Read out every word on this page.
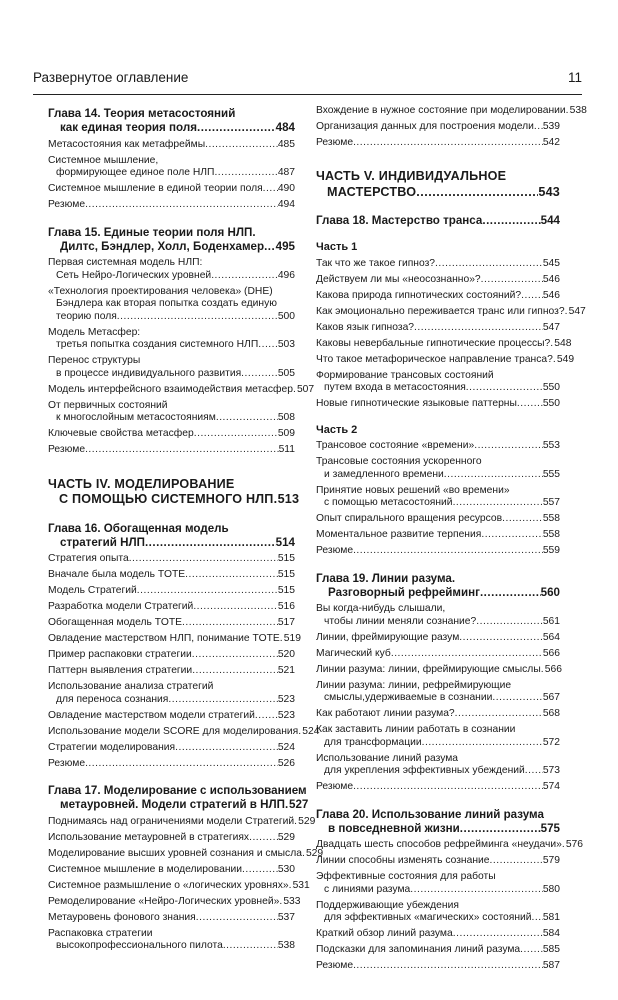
Развернутое оглавление	11
Глава 14. Теория метасостояний
как единая теория поля .....	484
Метасостояния как метафреймы .....	485
Системное мышление,
формирующее единое поле НЛП .....	487
Системное мышление в единой теории поля ..... 490
Резюме .....	494
Глава 15. Единые теории поля НЛП.
Дилтс, Бэндлер, Холл, Боденхамер ..... 495
Первая системная модель НЛП:
Сеть Нейро-Логических уровней .....	496
«Технология проектирования человека» (DHE)
Бэндлера как вторая попытка создать единую
теорию поля .....	500
Модель Метасфер:
третья попытка создания системного НЛП ..... 503
Перенос структуры
в процессе индивидуального развития .....	505
Модель интерфейсного взаимодействия метасфер ..... 507
От первичных состояний
к многослойным метасостояниям .....	508
Ключевые свойства метасфер .....	509
Резюме .....	511
ЧАСТЬ IV. МОДЕЛИРОВАНИЕ
С ПОМОЩЬЮ СИСТЕМНОГО НЛП ..... 513
Глава 16. Обогащенная модель
стратегий НЛП .....	514
Стратегия опыта .....	515
Вначале была модель TOTE .....	515
Модель Стратегий .....	515
Разработка модели Стратегий .....	516
Обогащенная модель TOTE .....	517
Овладение мастерством НЛП, понимание TOTE ..... 519
Пример распаковки стратегии .....	520
Паттерн выявления стратегии .....	521
Использование анализа стратегий
для переноса сознания .....	523
Овладение мастерством модели стратегий ..... 523
Использование модели SCORE для моделирования ..... 524
Стратегии моделирования .....	524
Резюме .....	526
Глава 17. Моделирование с использованием
метауровней. Модели стратегий в НЛП ..... 527
Поднимаясь над ограничениями модели Стратегий ..... 529
Использование метауровней в стратегиях .....	529
Моделирование высших уровней сознания и смысла ..... 529
Системное мышление в моделировании .....	530
Системное размышление о «логических уровнях» ..... 531
Ремоделирование «Нейро-Логических уровней» ..... 533
Метауровень фонового знания .....	537
Распаковка стратегии
высокопрофессионального пилота .....	538
Вхождение в нужное состояние при моделировании ..... 538
Организация данных для построения модели ..... 539
Резюме .....	542
ЧАСТЬ V. ИНДИВИДУАЛЬНОЕ
МАСТЕРСТВО .....	543
Глава 18. Мастерство транса .....	544
Часть 1
Так что же такое гипноз? .....	545
Действуем ли мы «неосознанно»? .....	546
Какова природа гипнотических состояний? ..... 546
Как эмоционально переживается транс или гипноз? ..... 547
Каков язык гипноза? .....	547
Каковы невербальные гипнотические процессы? ..... 548
Что такое метафорическое направление транса? ..... 549
Формирование трансовых состояний
путем входа в метасостояния .....	550
Новые гипнотические языковые паттерны .....	550
Часть 2
Трансовое состояние «времени» .....	553
Трансовые состояния ускоренного
и замедленного времени .....	555
Принятие новых решений «во времени»
с помощью метасостояний .....	557
Опыт спирального вращения ресурсов .....	558
Моментальное развитие терпения .....	558
Резюме .....	559
Глава 19. Линии разума.
Разговорный рефрейминг .....	560
Вы когда-нибудь слышали,
чтобы линии меняли сознание? .....	561
Линии, фреймирующие разум .....	564
Магический куб .....	566
Линии разума: линии, фреймирующие смыслы ..... 566
Линии разума: линии, рефреймирующие
смыслы,удерживаемые в сознании .....	567
Как работают линии разума? .....	568
Как заставить линии работать в сознании
для трансформации .....	572
Использование линий разума
для укрепления эффективных убеждений ..... 573
Резюме .....	574
Глава 20. Использование линий разума
в повседневной жизни .....	575
Двадцать шесть способов рефрейминга «неудачи» ..... 576
Линии способны изменять сознание .....	579
Эффективные состояния для работы
с линиями разума .....	580
Поддерживающие убеждения
для эффективных «магических» состояний ..... 581
Краткий обзор линий разума .....	584
Подсказки для запоминания линий разума ..... 585
Резюме .....	587
